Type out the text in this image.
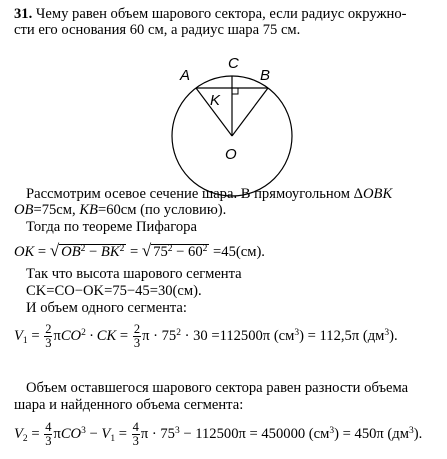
31. Чему равен объем шарового сектора, если радиус окружно-
сти его основания 60 см, а радиус шара 75 см.
A
C
B
K
O
Рассмотрим осевое сечение шара. В прямоугольном ΔOBK
OB=75см, KB=60см (по условию).
Тогда по теореме Пифагора
OK = √ $OB^2 - BK^2$ = √ $75^2 - 60^2 =45(см)$.
Так что высота шарового сегмента
CK=CO−OK=75−45=30(см).
И объем одного сегмента:
$V_1 = \frac{2}{3} \pi CO^2$ · CK = $\frac{2}{3}$ $\pi \cdot 75^2 \cdot 30 =112500\pi$ $(см^3) = 112,5\pi$ $(дм^3)$.
Объем оставшегося шарового сектора равен разности объема
шара и найденного объема сегмента:
$V_2 = \frac{4}{3} \pi CO^3 - V_1 = \frac{4}{3}$ $\pi \cdot 75^3 - 112500\pi = 450000$ $(см^3) = 450\pi$ $(дм^3)$.
